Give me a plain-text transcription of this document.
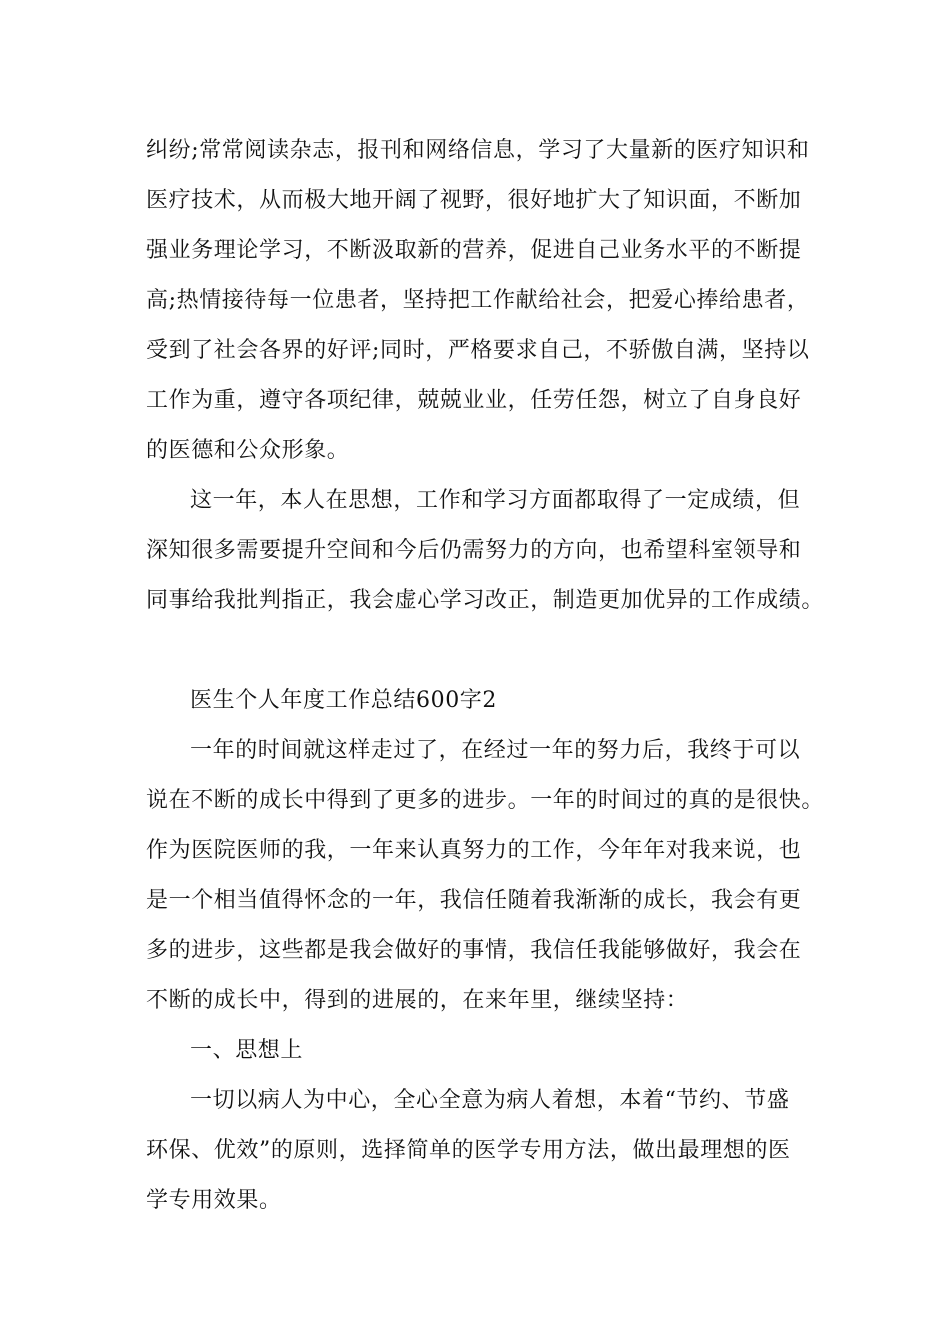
纠纷;常常阅读杂志，报刊和网络信息，学习了大量新的医疗知识和

医疗技术，从而极大地开阔了视野，很好地扩大了知识面，不断加

强业务理论学习，不断汲取新的营养，促进自己业务水平的不断提

高;热情接待每一位患者，坚持把工作献给社会，把爱心捧给患者，

受到了社会各界的好评;同时，严格要求自己，不骄傲自满，坚持以

工作为重，遵守各项纪律，兢兢业业，任劳任怨，树立了自身良好

的医德和公众形象。

这一年，本人在思想，工作和学习方面都取得了一定成绩，但

深知很多需要提升空间和今后仍需努力的方向，也希望科室领导和

同事给我批判指正，我会虚心学习改正，制造更加优异的工作成绩。

医生个人年度工作总结600字2

一年的时间就这样走过了，在经过一年的努力后，我终于可以

说在不断的成长中得到了更多的进步。一年的时间过的真的是很快。

作为医院医师的我，一年来认真努力的工作，今年年对我来说，也

是一个相当值得怀念的一年，我信任随着我渐渐的成长，我会有更

多的进步，这些都是我会做好的事情，我信任我能够做好，我会在

不断的成长中，得到的进展的，在来年里，继续坚持：

一、思想上

一切以病人为中心，全心全意为病人着想，本着“节约、节盛

环保、优效”的原则，选择简单的医学专用方法，做出最理想的医

学专用效果。
